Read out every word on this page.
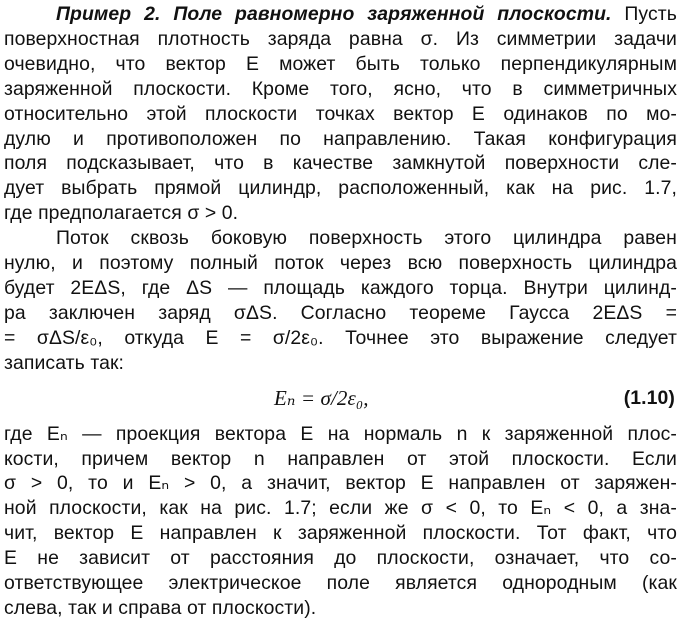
Пример 2. Поле равномерно заряженной плоскости. Пусть
поверхностная плотность заряда равна σ. Из симметрии задачи
очевидно, что вектор E может быть только перпендикулярным
заряженной плоскости. Кроме того, ясно, что в симметричных
относительно этой плоскости точках вектор E одинаков по мо-
дулю и противоположен по направлению. Такая конфигурация
поля подсказывает, что в качестве замкнутой поверхности сле-
дует выбрать прямой цилиндр, расположенный, как на рис. 1.7,
где предполагается σ > 0.
Поток сквозь боковую поверхность этого цилиндра равен
нулю, и поэтому полный поток через всю поверхность цилиндра
будет 2EΔS, где ΔS — площадь каждого торца. Внутри цилинд-
ра заключен заряд σΔS. Согласно теореме Гаусса 2EΔS =
= σΔS/ε₀, откуда E = σ/2ε₀. Точнее это выражение следует
записать так:
Eₙ = σ/2ε₀,	(1.10)
где Eₙ — проекция вектора E на нормаль n к заряженной плос-
кости, причем вектор n направлен от этой плоскости. Если
σ > 0, то и Eₙ > 0, а значит, вектор E направлен от заряжен-
ной плоскости, как на рис. 1.7; если же σ < 0, то Eₙ < 0, а зна-
чит, вектор E направлен к заряженной плоскости. Тот факт, что
E не зависит от расстояния до плоскости, означает, что со-
ответствующее электрическое поле является однородным (как
слева, так и справа от плоскости).
